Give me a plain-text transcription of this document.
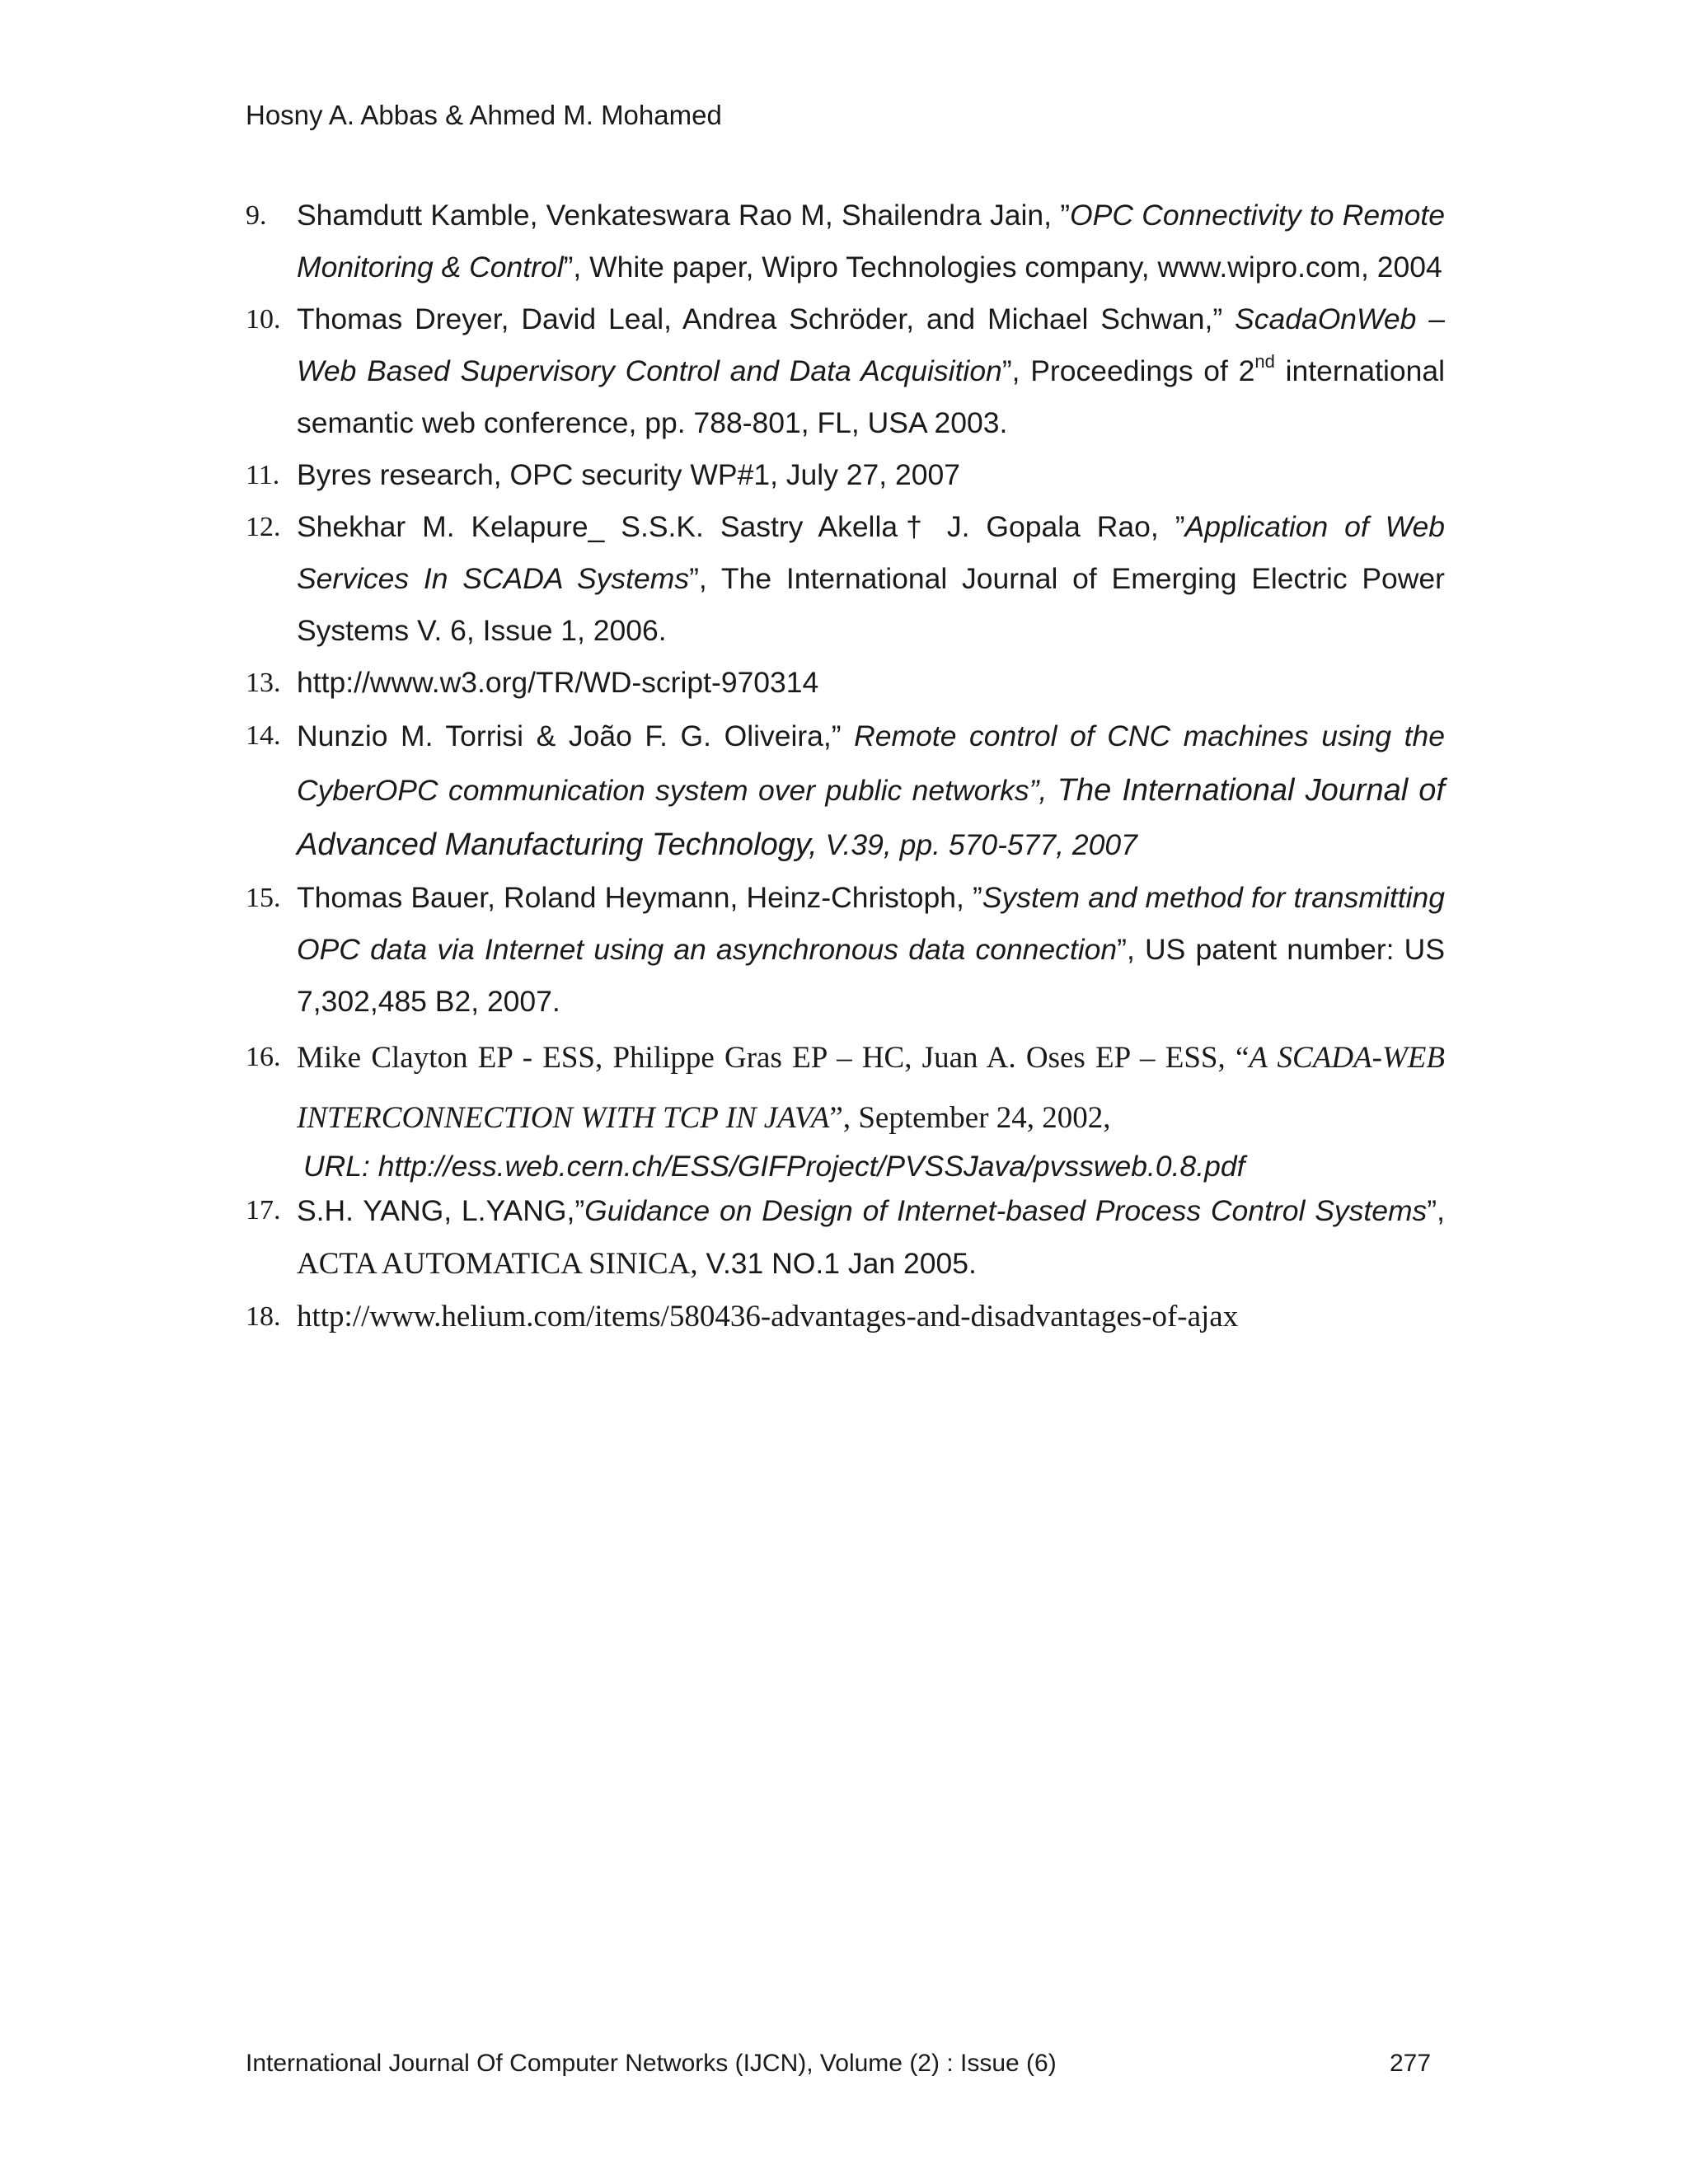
Hosny A. Abbas & Ahmed M. Mohamed
9. Shamdutt Kamble, Venkateswara Rao M, Shailendra Jain, ”OPC Connectivity to Remote Monitoring & Control”, White paper, Wipro Technologies company, www.wipro.com, 2004
10. Thomas Dreyer, David Leal, Andrea Schröder, and Michael Schwan,” ScadaOnWeb – Web Based Supervisory Control and Data Acquisition”, Proceedings of 2nd international semantic web conference, pp. 788-801, FL, USA 2003.
11. Byres research, OPC security WP#1, July 27, 2007
12. Shekhar M. Kelapure_ S.S.K. Sastry Akella† J. Gopala Rao, ”Application of Web Services In SCADA Systems”, The International Journal of Emerging Electric Power Systems V. 6, Issue 1, 2006.
13. http://www.w3.org/TR/WD-script-970314
14. Nunzio M. Torrisi & João F. G. Oliveira,” Remote control of CNC machines using the CyberOPC communication system over public networks”, The International Journal of Advanced Manufacturing Technology, V.39, pp. 570-577, 2007
15. Thomas Bauer, Roland Heymann, Heinz-Christoph, ”System and method for transmitting OPC data via Internet using an asynchronous data connection”, US patent number: US 7,302,485 B2, 2007.
16. Mike Clayton EP - ESS, Philippe Gras EP – HC, Juan A. Oses EP – ESS, “A SCADA-WEB INTERCONNECTION WITH TCP IN JAVA”, September 24, 2002,
URL: http://ess.web.cern.ch/ESS/GIFProject/PVSSJava/pvssweb.0.8.pdf
17. S.H. YANG, L.YANG,”Guidance on Design of Internet-based Process Control Systems”, ACTA AUTOMATICA SINICA, V.31 NO.1 Jan 2005.
18. http://www.helium.com/items/580436-advantages-and-disadvantages-of-ajax
International Journal Of Computer Networks (IJCN), Volume (2) : Issue (6)	277
